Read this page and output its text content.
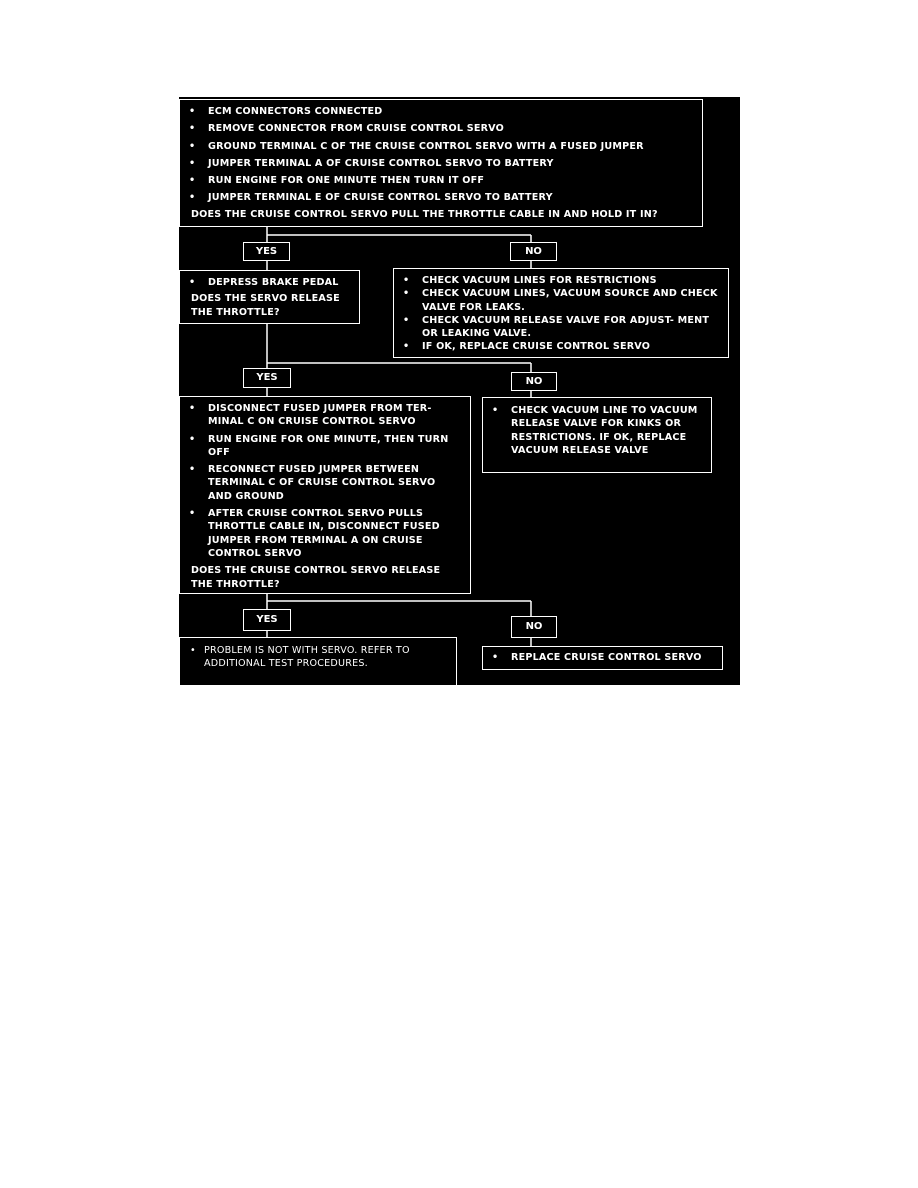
• ECM CONNECTORS CONNECTED
• REMOVE CONNECTOR FROM CRUISE CONTROL SERVO
• GROUND TERMINAL C OF THE CRUISE CONTROL SERVO WITH A FUSED JUMPER
• JUMPER TERMINAL A OF CRUISE CONTROL SERVO TO BATTERY
• RUN ENGINE FOR ONE MINUTE THEN TURN IT OFF
• JUMPER TERMINAL E OF CRUISE CONTROL SERVO TO BATTERY
DOES THE CRUISE CONTROL SERVO PULL THE THROTTLE CABLE IN AND HOLD IT IN?
YES	NO
• DEPRESS BRAKE PEDAL
DOES THE SERVO RELEASE THE THROTTLE?
• CHECK VACUUM LINES FOR RESTRICTIONS
• CHECK VACUUM LINES, VACUUM SOURCE AND CHECK VALVE FOR LEAKS.
• CHECK VACUUM RELEASE VALVE FOR ADJUST- MENT OR LEAKING VALVE.
• IF OK, REPLACE CRUISE CONTROL SERVO
YES	NO
• DISCONNECT FUSED JUMPER FROM TER- MINAL C ON CRUISE CONTROL SERVO
• RUN ENGINE FOR ONE MINUTE, THEN TURN OFF
• RECONNECT FUSED JUMPER BETWEEN TERMINAL C OF CRUISE CONTROL SERVO AND GROUND
• AFTER CRUISE CONTROL SERVO PULLS THROTTLE CABLE IN, DISCONNECT FUSED JUMPER FROM TERMINAL A ON CRUISE CONTROL SERVO
DOES THE CRUISE CONTROL SERVO RELEASE THE THROTTLE?
• CHECK VACUUM LINE TO VACUUM RELEASE VALVE FOR KINKS OR RESTRICTIONS. IF OK, REPLACE VACUUM RELEASE VALVE
YES
NO
• PROBLEM IS NOT WITH SERVO. REFER TO ADDITIONAL TEST PROCEDURES.
• REPLACE CRUISE CONTROL SERVO
